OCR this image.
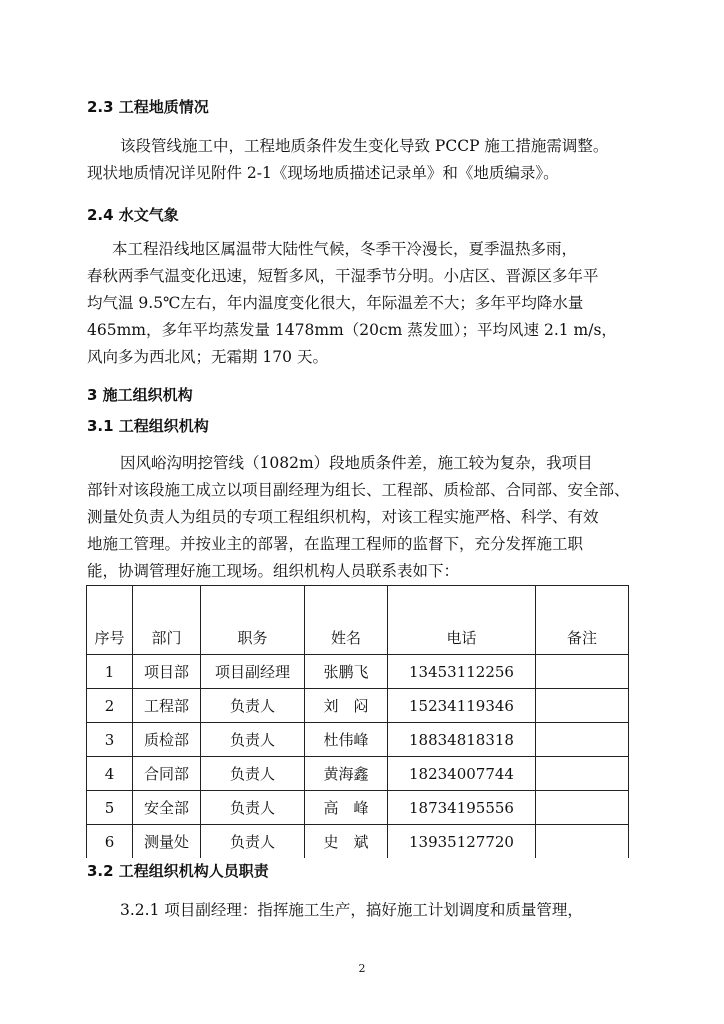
2.3 工程地质情况

该段管线施工中，工程地质条件发生变化导致 PCCP 施工措施需调整。
现状地质情况详见附件 2-1《现场地质描述记录单》和《地质编录》。

2.4 水文气象

本工程沿线地区属温带大陆性气候，冬季干冷漫长，夏季温热多雨，
春秋两季气温变化迅速，短暂多风，干湿季节分明。小店区、晋源区多年平
均气温 9.5℃左右，年内温度变化很大，年际温差不大；多年平均降水量
465mm，多年平均蒸发量 1478mm（20cm 蒸发皿）；平均风速 2.1 m/s，
风向多为西北风；无霜期 170 天。

3 施工组织机构
3.1 工程组织机构

因风峪沟明挖管线（1082m）段地质条件差，施工较为复杂，我项目
部针对该段施工成立以项目副经理为组长、工程部、质检部、合同部、安全部、
测量处负责人为组员的专项工程组织机构，对该工程实施严格、科学、有效
地施工管理。并按业主的部署，在监理工程师的监督下，充分发挥施工职
能，协调管理好施工现场。组织机构人员联系表如下：

序号	部门	职务	姓名	电话	备注
1	项目部	项目副经理	张鹏飞	13453112256	
2	工程部	负责人	刘　闷	15234119346	
3	质检部	负责人	杜伟峰	18834818318	
4	合同部	负责人	黄海鑫	18234007744	
5	安全部	负责人	高　峰	18734195556	
6	测量处	负责人	史　斌	13935127720	
3.2 工程组织机构人员职责

3.2.1 项目副经理：指挥施工生产，搞好施工计划调度和质量管理，

2
